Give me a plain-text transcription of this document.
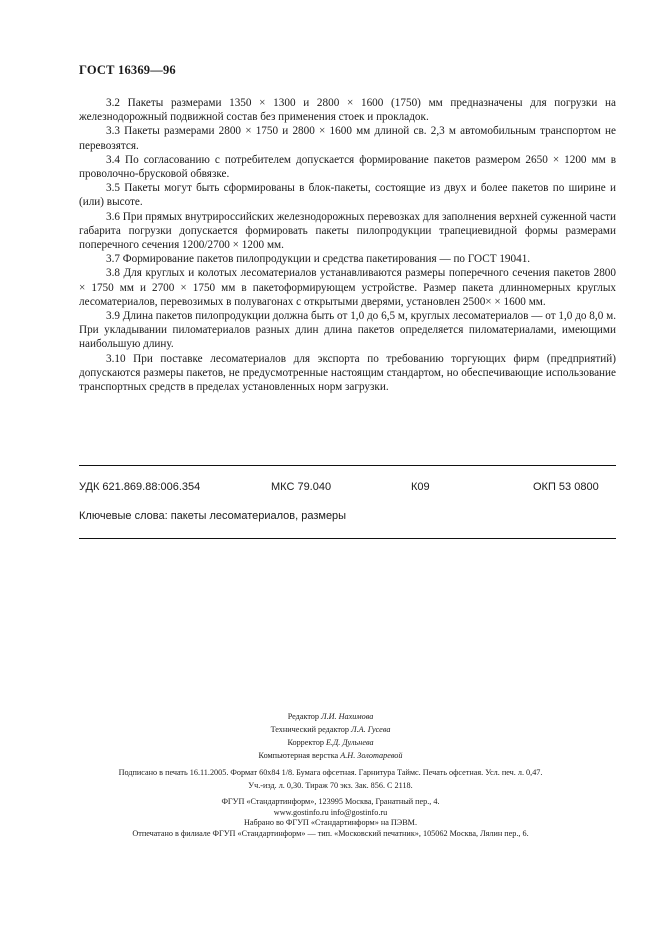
ГОСТ 16369—96

3.2 Пакеты размерами 1350 × 1300 и 2800 × 1600 (1750) мм предназначены для погрузки на железнодорожный подвижной состав без применения стоек и прокладок.

3.3 Пакеты размерами 2800 × 1750 и 2800 × 1600 мм длиной св. 2,3 м автомобильным транспортом не перевозятся.

3.4 По согласованию с потребителем допускается формирование пакетов размером 2650 × 1200 мм в проволочно-брусковой обвязке.

3.5 Пакеты могут быть сформированы в блок-пакеты, состоящие из двух и более пакетов по ширине и (или) высоте.

3.6 При прямых внутрироссийских железнодорожных перевозках для заполнения верхней суженной части габарита погрузки допускается формировать пакеты пилопродукции трапециевидной формы размерами поперечного сечения 1200/2700 × 1200 мм.

3.7 Формирование пакетов пилопродукции и средства пакетирования — по ГОСТ 19041.

3.8 Для круглых и колотых лесоматериалов устанавливаются размеры поперечного сечения пакетов 2800 × 1750 мм и 2700 × 1750 мм в пакетоформирующем устройстве. Размер пакета длинномерных круглых лесоматериалов, перевозимых в полувагонах с открытыми дверями, установлен 2500× × 1600 мм.

3.9 Длина пакетов пилопродукции должна быть от 1,0 до 6,5 м, круглых лесоматериалов — от 1,0 до 8,0 м. При укладывании пиломатериалов разных длин длина пакетов определяется пиломатериалами, имеющими наибольшую длину.

3.10 При поставке лесоматериалов для экспорта по требованию торгующих фирм (предприятий) допускаются размеры пакетов, не предусмотренные настоящим стандартом, но обеспечивающие использование транспортных средств в пределах установленных норм загрузки.

УДК 621.869.88:006.354	МКС 79.040	К09	ОКП 53 0800
Ключевые слова: пакеты лесоматериалов, размеры
Редактор Л.И. Нахимова
Технический редактор Л.А. Гусева
Корректор Е.Д. Дульнева
Компьютерная верстка А.Н. Золотаревой
Подписано в печать 16.11.2005. Формат 60x84 1/8. Бумага офсетная. Гарнитура Таймс. Печать офсетная. Усл. печ. л. 0,47.
Уч.-изд. л. 0,30. Тираж 70 экз. Зак. 856. С 2118.
ФГУП «Стандартинформ», 123995 Москва, Гранатный пер., 4.
www.gostinfo.ru info@gostinfo.ru
Набрано во ФГУП «Стандартинформ» на ПЭВМ.
Отпечатано в филиале ФГУП «Стандартинформ» — тип. «Московский печатник», 105062 Москва, Лялин пер., 6.
